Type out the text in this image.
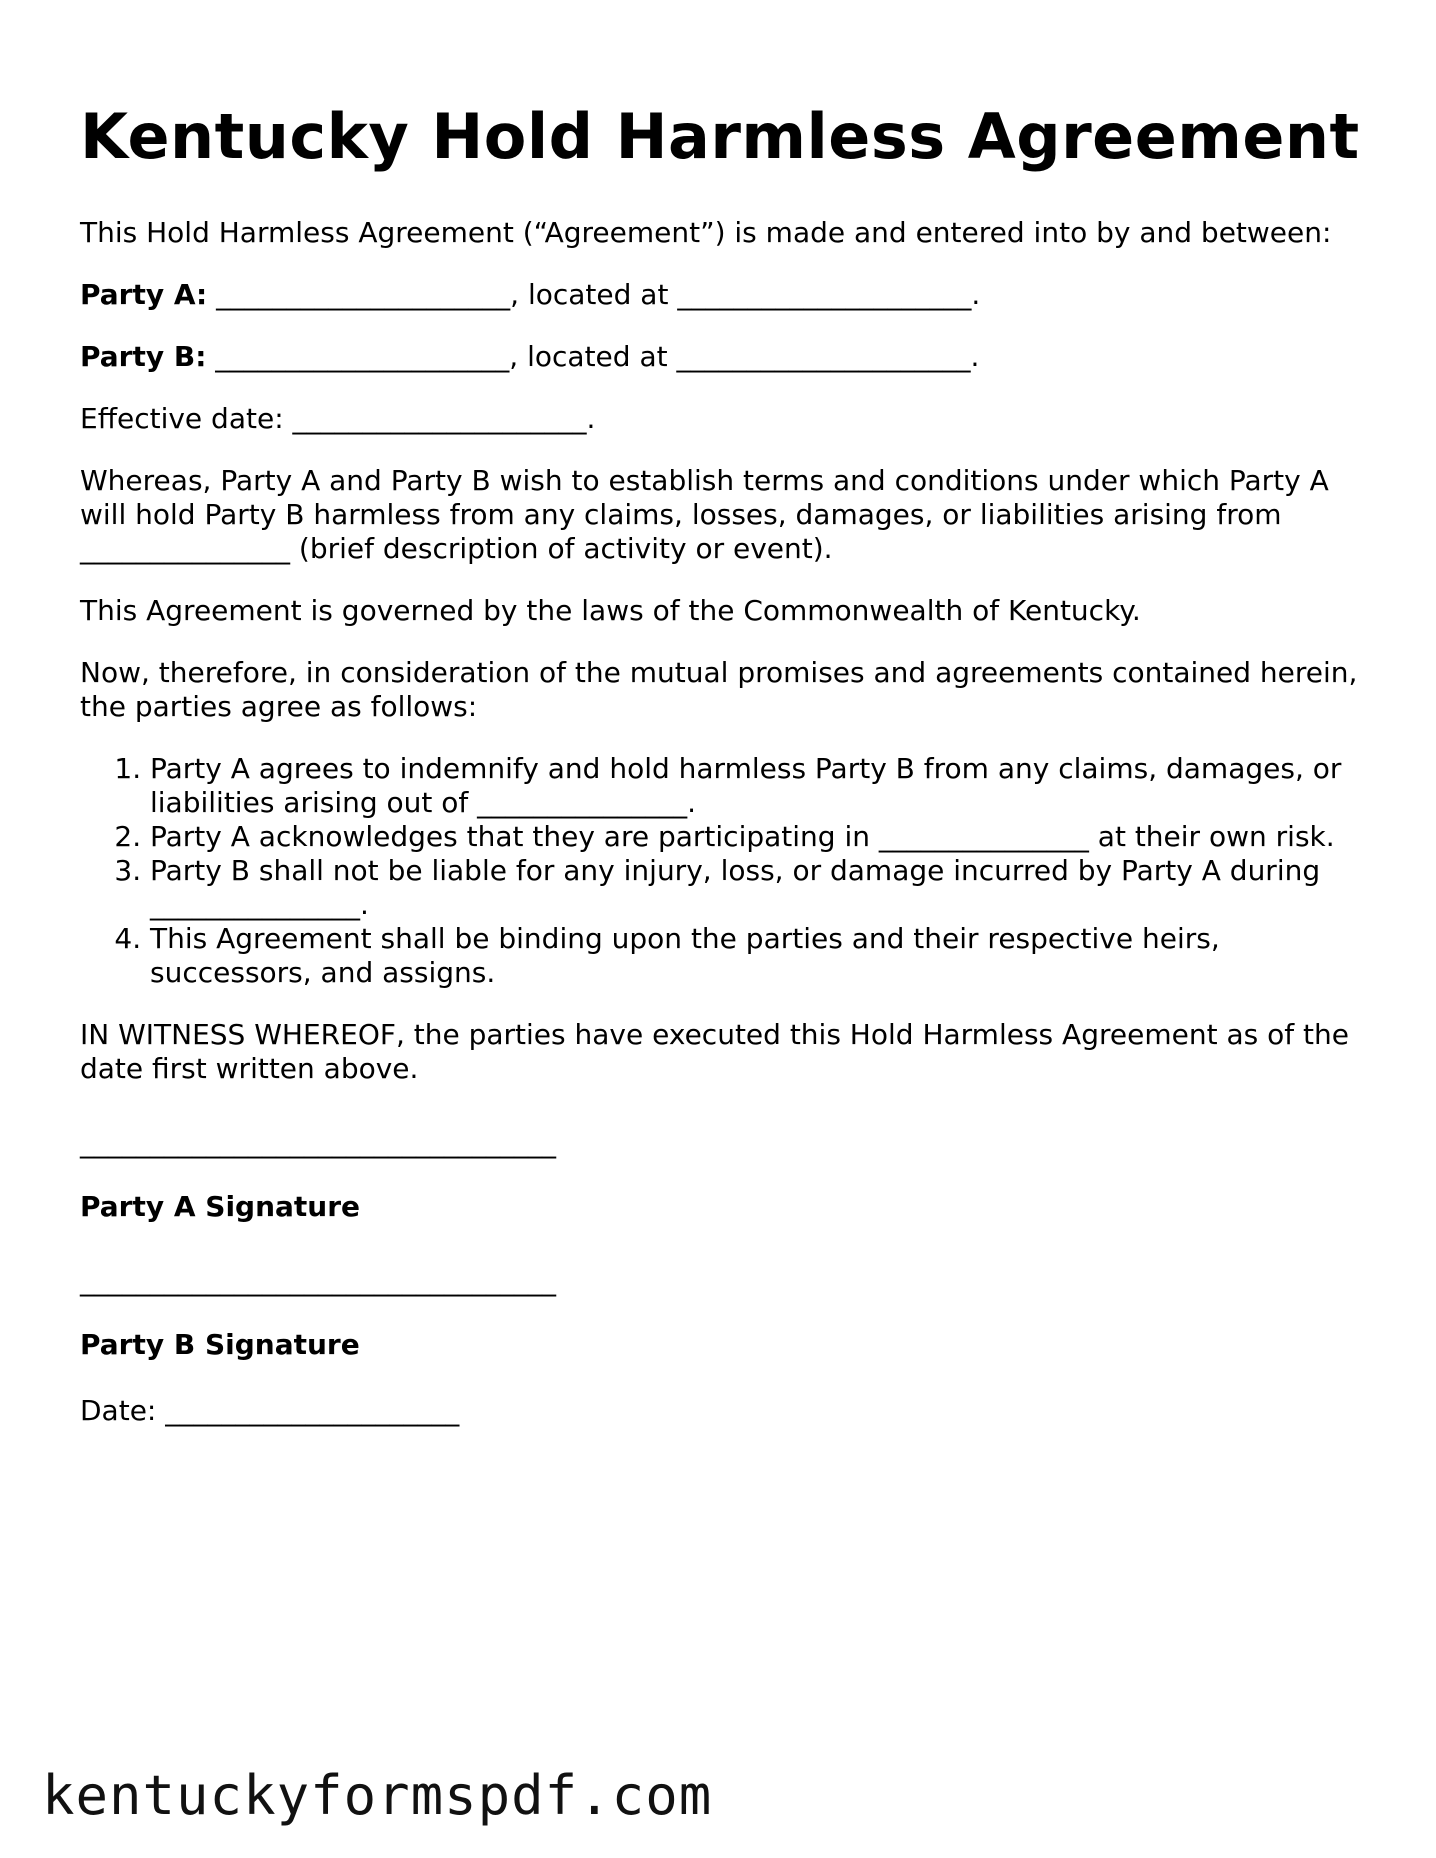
Kentucky Hold Harmless Agreement

This Hold Harmless Agreement (“Agreement”) is made and entered into by and between:

Party A: _____________________, located at _____________________.

Party B: _____________________, located at _____________________.

Effective date: _____________________.

Whereas, Party A and Party B wish to establish terms and conditions under which Party A will hold Party B harmless from any claims, losses, damages, or liabilities arising from _______________ (brief description of activity or event).

This Agreement is governed by the laws of the Commonwealth of Kentucky.

Now, therefore, in consideration of the mutual promises and agreements contained herein, the parties agree as follows:

1. Party A agrees to indemnify and hold harmless Party B from any claims, damages, or liabilities arising out of _______________.
2. Party A acknowledges that they are participating in _______________ at their own risk.
3. Party B shall not be liable for any injury, loss, or damage incurred by Party A during _______________.
4. This Agreement shall be binding upon the parties and their respective heirs, successors, and assigns.

IN WITNESS WHEREOF, the parties have executed this Hold Harmless Agreement as of the date first written above.

__________________________________
Party A Signature
__________________________________
Party B Signature

Date: _____________________

kentuckyformspdf.com
